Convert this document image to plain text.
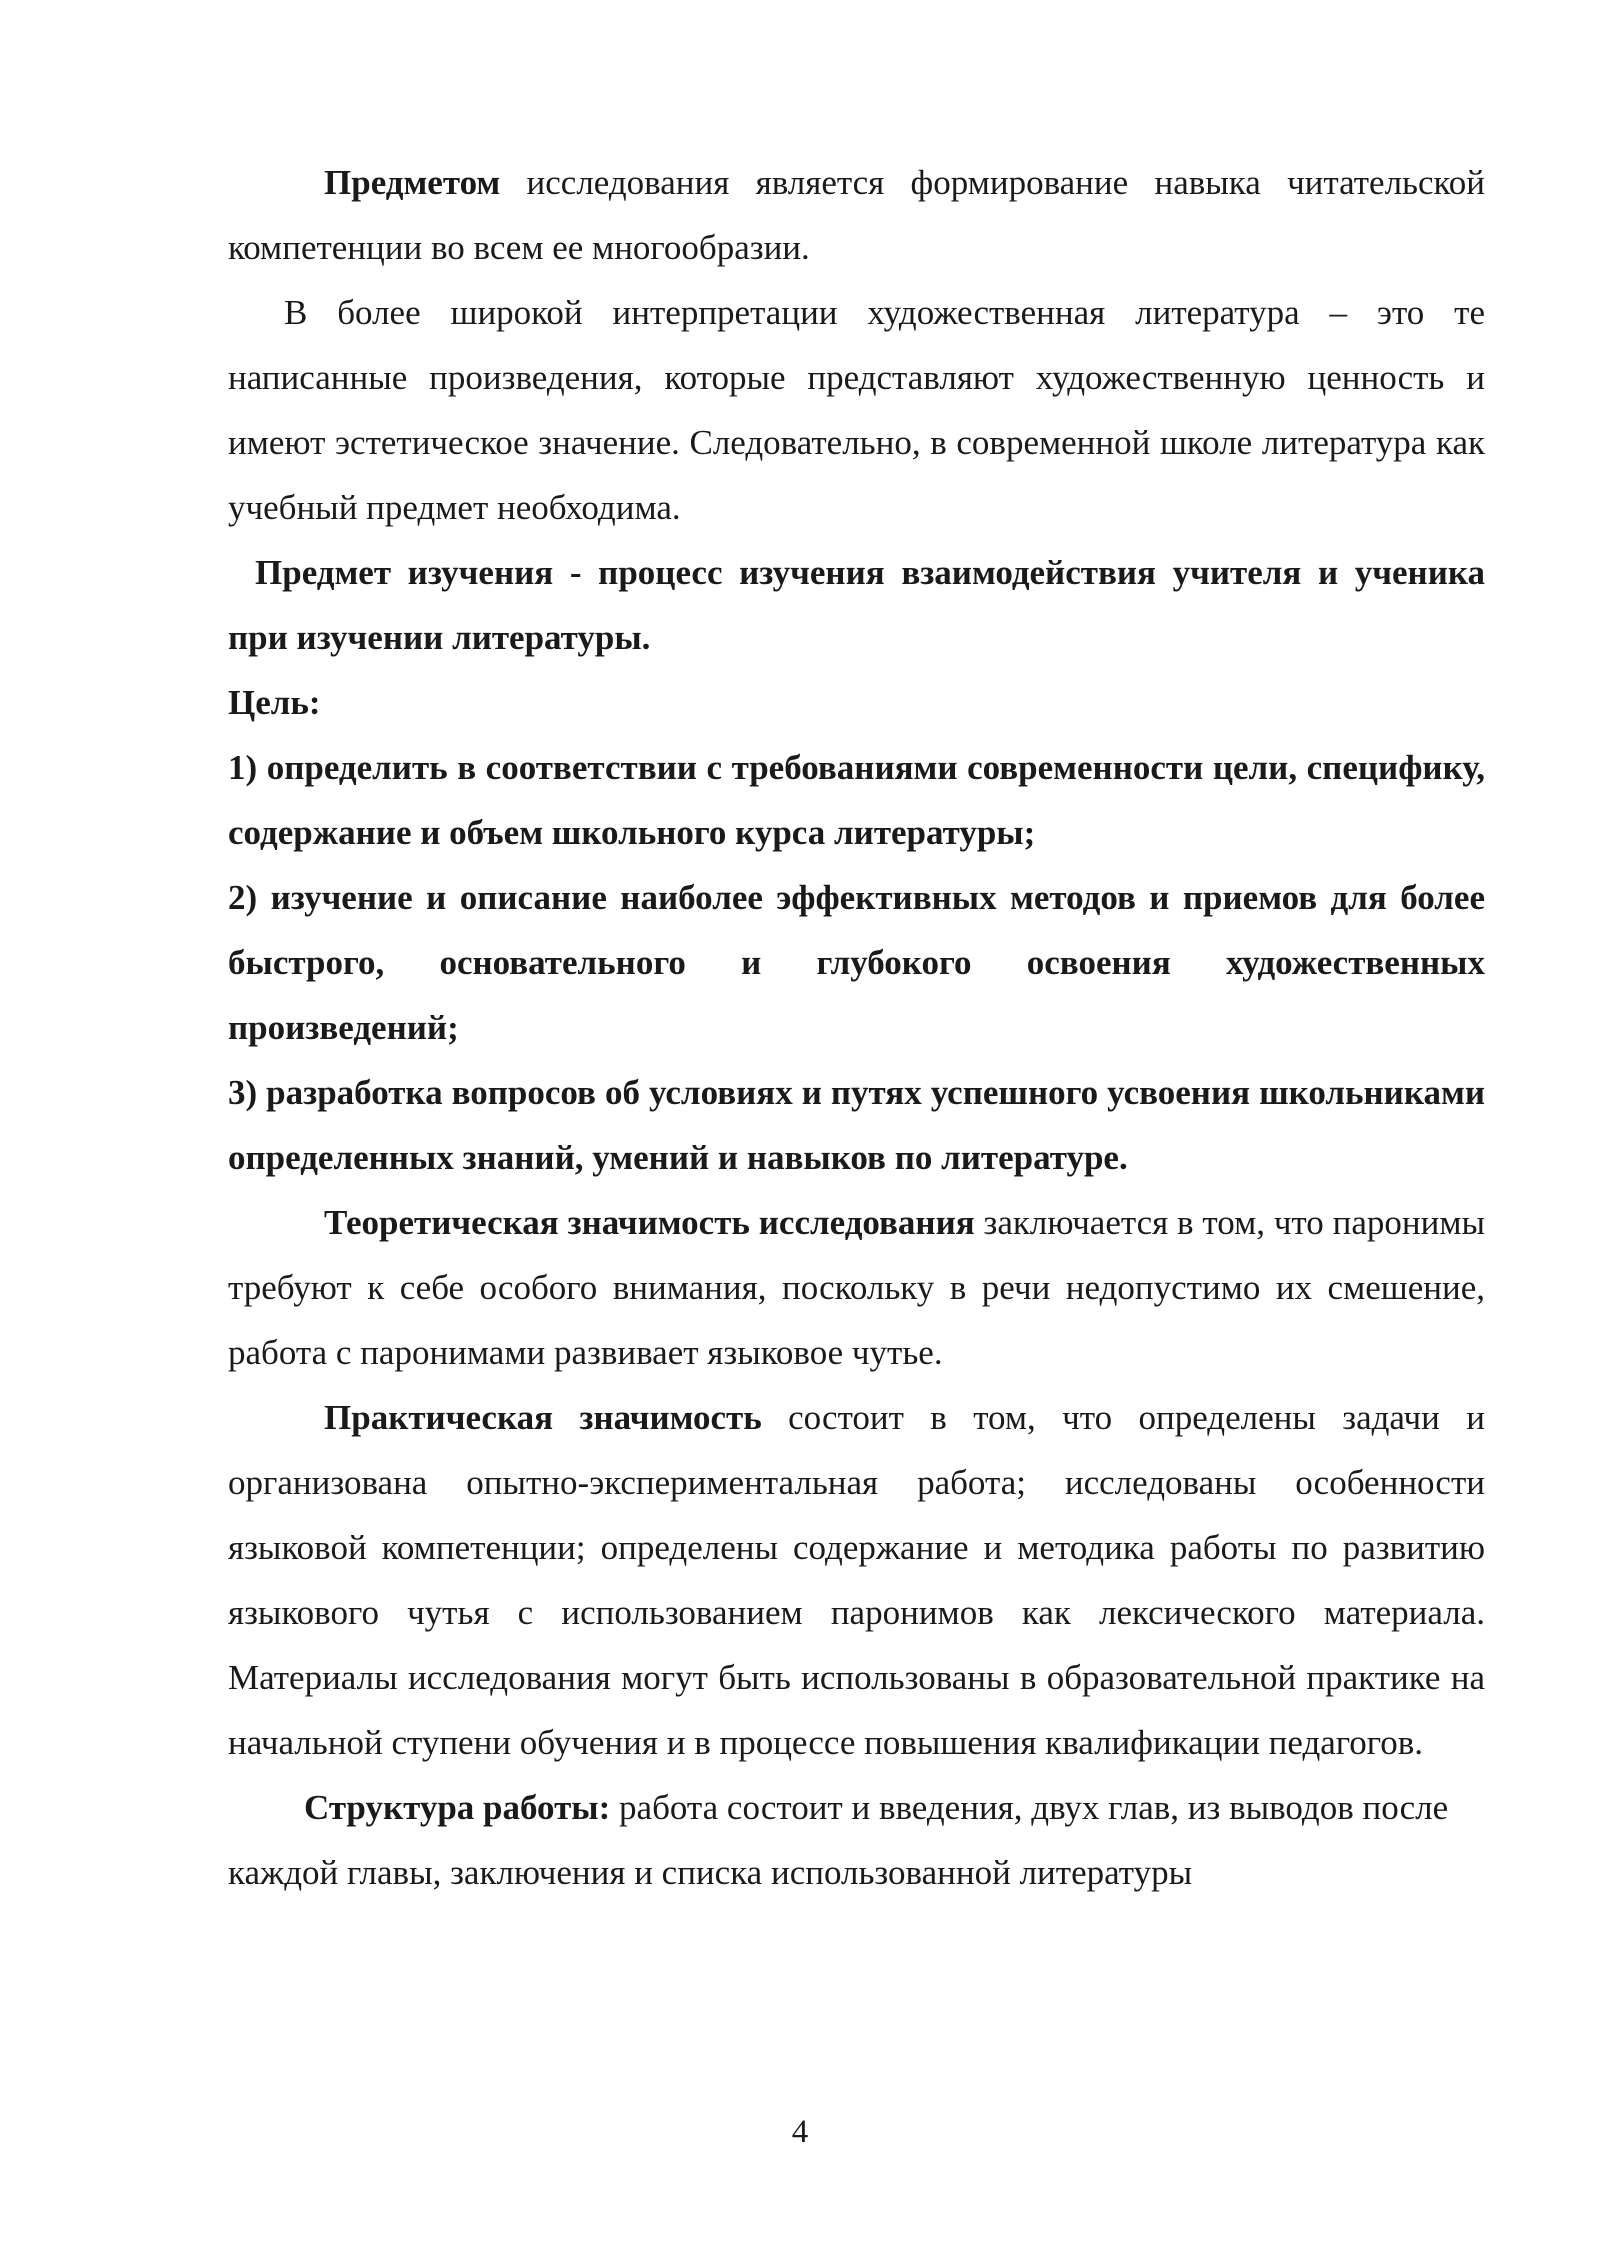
Предметом исследования является формирование навыка читательской компетенции во всем ее многообразии.

В более широкой интерпретации художественная литература – это те написанные произведения, которые представляют художественную ценность и имеют эстетическое значение. Следовательно, в современной школе литература как учебный предмет необходима.

Предмет изучения - процесс изучения взаимодействия учителя и ученика при изучении литературы.

Цель:

1) определить в соответствии с требованиями современности цели, специфику, содержание и объем школьного курса литературы;

2) изучение и описание наиболее эффективных методов и приемов для более быстрого, основательного и глубокого освоения художественных произведений;

3) разработка вопросов об условиях и путях успешного усвоения школьниками определенных знаний, умений и навыков по литературе.

Теоретическая значимость исследования заключается в том, что паронимы требуют к себе особого внимания, поскольку в речи недопустимо их смешение, работа с паронимами развивает языковое чутье.

Практическая значимость состоит в том, что определены задачи и организована опытно-экспериментальная работа; исследованы особенности языковой компетенции; определены содержание и методика работы по развитию языкового чутья с использованием паронимов как лексического материала. Материалы исследования могут быть использованы в образовательной практике на начальной ступени обучения и в процессе повышения квалификации педагогов.

Структура работы: работа состоит и введения, двух глав, из выводов после каждой главы, заключения и списка использованной литературы

4
